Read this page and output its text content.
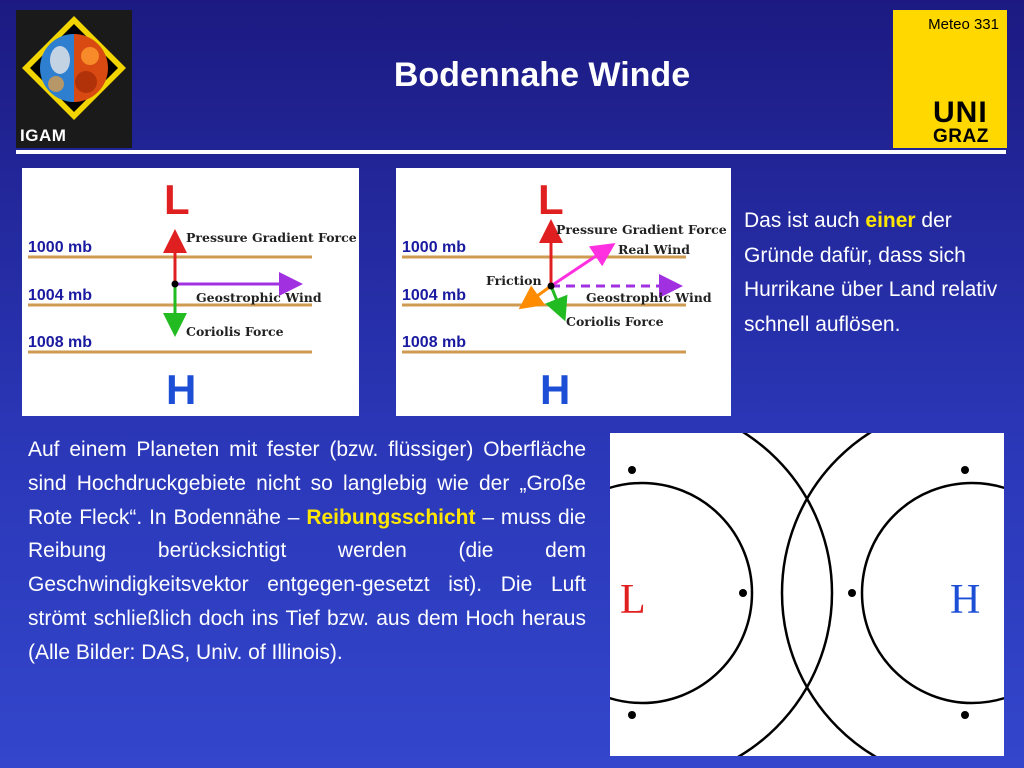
IGAM
Bodennahe Winde
Meteo 331
UNI
GRAZ
L
1000 mb
1004 mb
1008 mb
Pressure Gradient Force
Geostrophic Wind
Coriolis Force
H
L
1000 mb
1004 mb
1008 mb
Pressure Gradient Force
Real Wind
Friction
Geostrophic Wind
Coriolis Force
H
Das ist auch einer der Gründe dafür, dass sich Hurrikane über Land relativ schnell auflösen.
Auf einem Planeten mit fester (bzw. flüssiger) Oberfläche sind Hochdruckgebiete nicht so langlebig wie der „Große Rote Fleck“. In Bodennähe – Reibungsschicht – muss die Reibung berücksichtigt werden (die dem Geschwindigkeitsvektor entgegen-gesetzt ist). Die Luft strömt schließlich doch ins Tief bzw. aus dem Hoch heraus (Alle Bilder: DAS, Univ. of Illinois).
L	H
